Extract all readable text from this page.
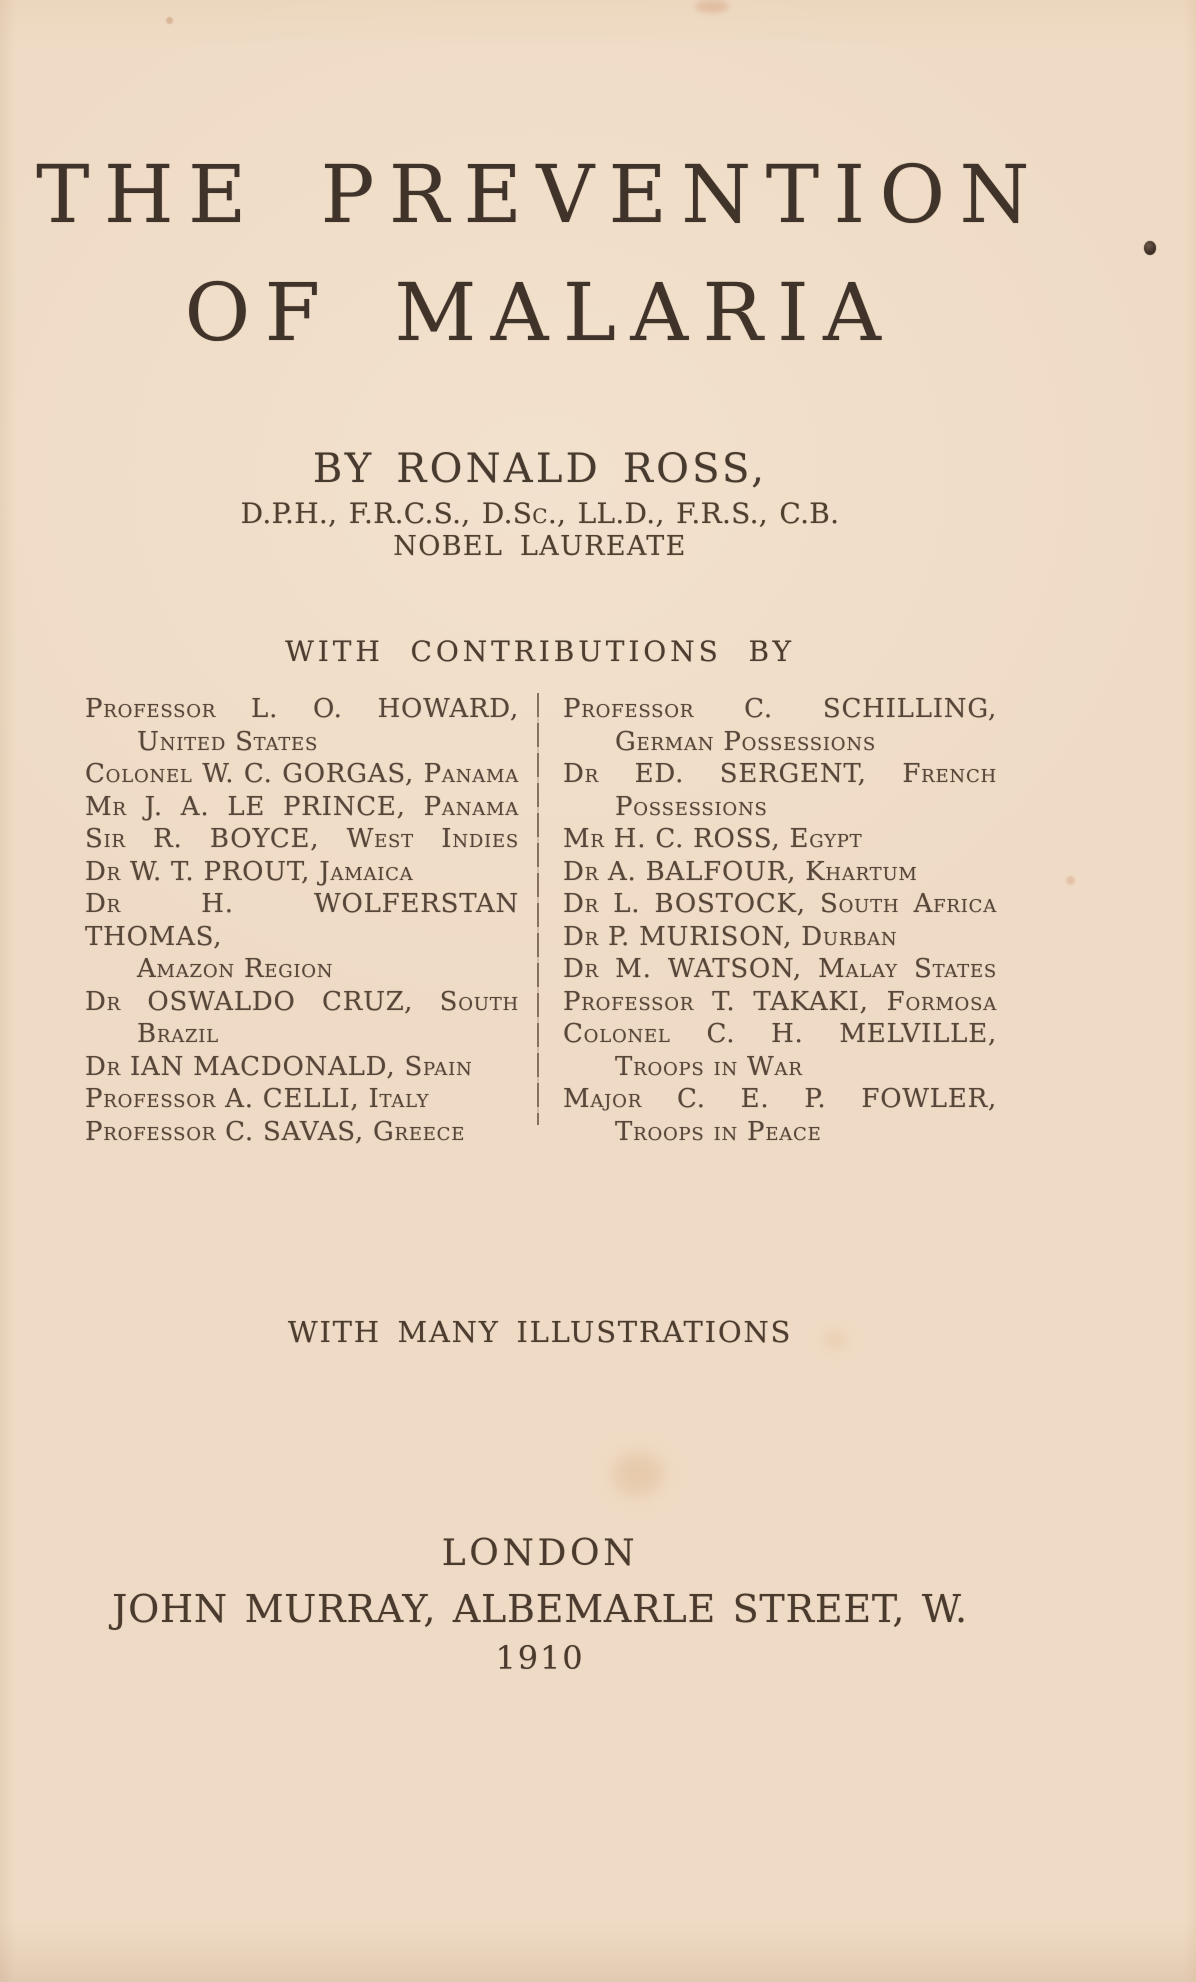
THE PREVENTION
OF MALARIA
BY RONALD ROSS,
D.P.H., F.R.C.S., D.Sc., LL.D., F.R.S., C.B.
NOBEL LAUREATE
WITH CONTRIBUTIONS BY
Professor L. O. HOWARD,
United States
Colonel W. C. GORGAS, Panama
Mr J. A. LE PRINCE, Panama
Sir R. BOYCE, West Indies
Dr W. T. PROUT, Jamaica
Dr H. WOLFERSTAN THOMAS,
Amazon Region
Dr OSWALDO CRUZ, South
Brazil
Dr IAN MACDONALD, Spain
Professor A. CELLI, Italy
Professor C. SAVAS, Greece
Professor C. SCHILLING,
German Possessions
Dr ED. SERGENT, French
Possessions
Mr H. C. ROSS, Egypt
Dr A. BALFOUR, Khartum
Dr L. BOSTOCK, South Africa
Dr P. MURISON, Durban
Dr M. WATSON, Malay States
Professor T. TAKAKI, Formosa
Colonel C. H. MELVILLE,
Troops in War
Major C. E. P. FOWLER,
Troops in Peace
WITH MANY ILLUSTRATIONS
LONDON
JOHN MURRAY, ALBEMARLE STREET, W.
1910
